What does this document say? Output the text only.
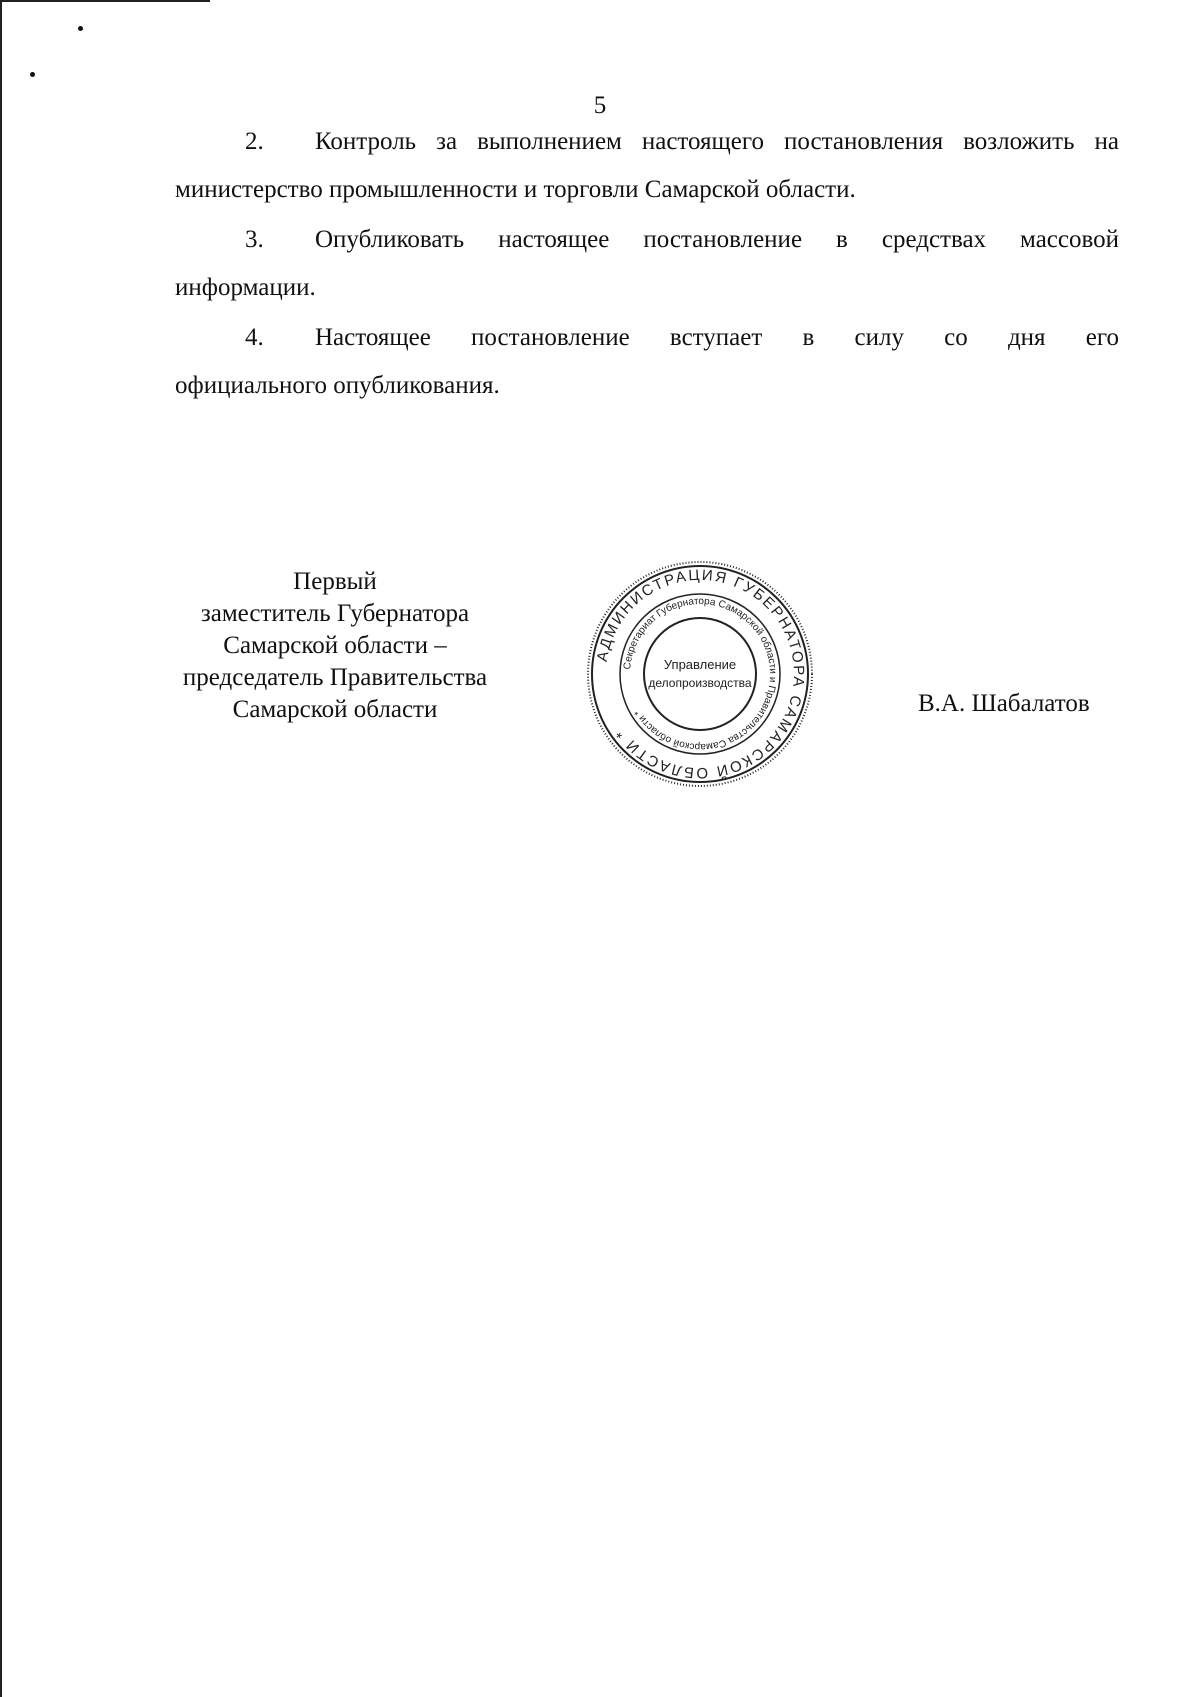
5

2. Контроль за выполнением настоящего постановления возложить на министерство промышленности и торговли Самарской области.

3. Опубликовать настоящее постановление в средствах массовой информации.

4.	Настоящее постановление вступает в силу со дня его
официального опубликования.

Первый
заместитель Губернатора
Самарской области –
председатель Правительства
Самарской области
АДМИНИСТРАЦИЯ ГУБЕРНАТОРА САМАРСКОЙ ОБЛАСТИ *
Секретариат Губернатора Самарской области и Правительства Самарской области *
Управление
делопроизводства
В.А. Шабалатов
